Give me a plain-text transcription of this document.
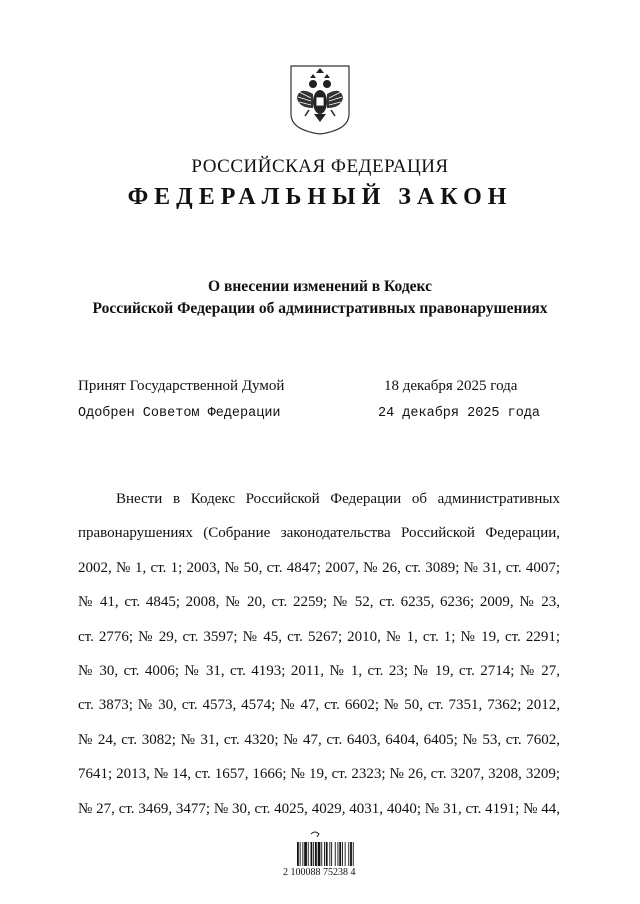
РОССИЙСКАЯ ФЕДЕРАЦИЯ
ФЕДЕРАЛЬНЫЙ ЗАКОН
О внесении изменений в Кодекс
Российской Федерации об административных правонарушениях
Принят Государственной Думой	18 декабря 2025 года
Одобрен Советом Федерации	24 декабря 2025 года
Внести в Кодекс Российской Федерации об административных
правонарушениях (Собрание законодательства Российской Федерации,
2002, № 1, ст. 1; 2003, № 50, ст. 4847; 2007, № 26, ст. 3089; № 31, ст. 4007;
№ 41, ст. 4845; 2008, № 20, ст. 2259; № 52, ст. 6235, 6236; 2009, № 23,
ст. 2776; № 29, ст. 3597; № 45, ст. 5267; 2010, № 1, ст. 1; № 19, ст. 2291;
№ 30, ст. 4006; № 31, ст. 4193; 2011, № 1, ст. 23; № 19, ст. 2714; № 27,
ст. 3873; № 30, ст. 4573, 4574; № 47, ст. 6602; № 50, ст. 7351, 7362; 2012,
№ 24, ст. 3082; № 31, ст. 4320; № 47, ст. 6403, 6404, 6405; № 53, ст. 7602,
7641; 2013, № 14, ст. 1657, 1666; № 19, ст. 2323; № 26, ст. 3207, 3208, 3209;
№ 27, ст. 3469, 3477; № 30, ст. 4025, 4029, 4031, 4040; № 31, ст. 4191; № 44,
2 100088 75238 4
